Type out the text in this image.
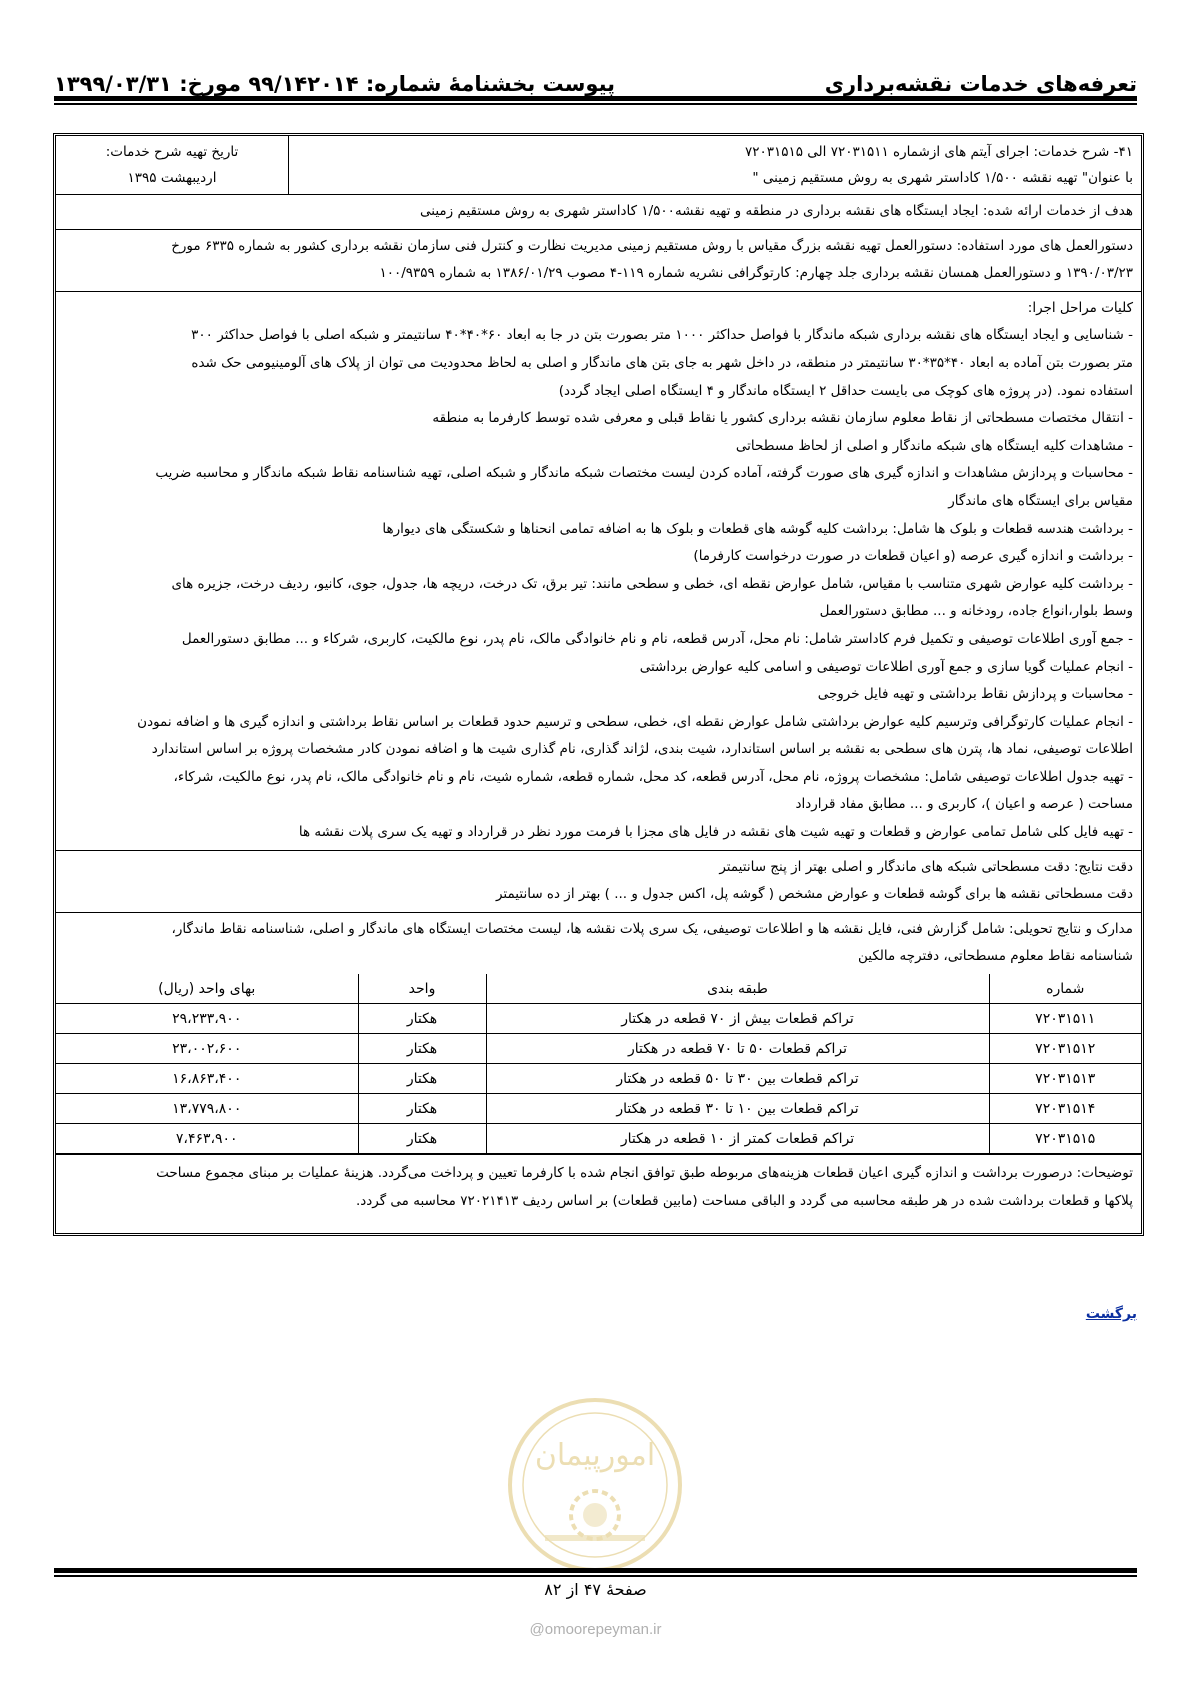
تعرفه‌های خدمات نقشه‌برداری
پیوست بخشنامهٔ شماره: ۹۹/۱۴۲۰۱۴ مورخ: ۱۳۹۹/۰۳/۳۱

۴۱- شرح خدمات: اجرای آیتم های ازشماره ۷۲۰۳۱۵۱۱ الی ۷۲۰۳۱۵۱۵

با عنوان" تهیه نقشه ۱/۵۰۰ کاداستر شهری به روش مستقیم زمینی "

تاریخ تهیه شرح خدمات:

اردیبهشت ۱۳۹۵

هدف از خدمات ارائه شده: ایجاد ایستگاه های نقشه برداری در منطقه و تهیه نقشه۱/۵۰۰ کاداستر شهری به روش مستقیم زمینی

دستورالعمل های مورد استفاده: دستورالعمل تهیه نقشه بزرگ مقیاس با روش مستقیم زمینی مدیریت نظارت و کنترل فنی سازمان نقشه برداری کشور به شماره ۶۳۳۵ مورخ

۱۳۹۰/۰۳/۲۳ و دستورالعمل همسان نقشه برداری جلد چهارم: کارتوگرافی نشریه شماره ۱۱۹-۴ مصوب ۱۳۸۶/۰۱/۲۹ به شماره ۱۰۰/۹۳۵۹

کلیات مراحل اجرا:

- شناسایی و ایجاد ایستگاه های نقشه برداری شبکه ماندگار با فواصل حداکثر ۱۰۰۰ متر بصورت بتن در جا به ابعاد ۶۰*۴۰*۴۰ سانتیمتر و شبکه اصلی با فواصل حداکثر ۳۰۰

متر بصورت بتن آماده به ابعاد ۴۰*۳۵*۳۰ سانتیمتر در منطقه، در داخل شهر به جای بتن های ماندگار و اصلی به لحاظ محدودیت می توان از پلاک های آلومینیومی حک شده

استفاده نمود. (در پروژه های کوچک می بایست حداقل ۲ ایستگاه ماندگار و ۴ ایستگاه اصلی ایجاد گردد)

- انتقال مختصات مسطحاتی از نقاط معلوم سازمان نقشه برداری کشور یا نقاط قبلی و معرفی شده توسط کارفرما به منطقه

- مشاهدات کلیه ایستگاه های شبکه ماندگار و اصلی از لحاظ مسطحاتی

- محاسبات و پردازش مشاهدات و اندازه گیری های صورت گرفته، آماده کردن لیست مختصات شبکه ماندگار و شبکه اصلی، تهیه شناسنامه نقاط شبکه ماندگار و محاسبه ضریب

مقیاس برای ایستگاه های ماندگار

- برداشت هندسه قطعات و بلوک ها شامل: برداشت کلیه گوشه های قطعات و بلوک ها به اضافه تمامی انحناها و شکستگی های دیوارها

- برداشت و اندازه گیری عرصه (و اعیان قطعات در صورت درخواست کارفرما)

- برداشت کلیه عوارض شهری متناسب با مقیاس، شامل عوارض نقطه ای، خطی و سطحی مانند: تیر برق، تک درخت، دریچه ها، جدول، جوی، کانیو، ردیف درخت، جزیره های

وسط بلوار،انواع جاده، رودخانه و ... مطابق دستورالعمل

- جمع آوری اطلاعات توصیفی و تکمیل فرم کاداستر شامل: نام محل، آدرس قطعه، نام و نام خانوادگی مالک، نام پدر، نوع مالکیت، کاربری، شرکاء و ... مطابق دستورالعمل

- انجام عملیات گویا سازی و جمع آوری اطلاعات توصیفی و اسامی کلیه عوارض برداشتی

- محاسبات و پردازش نقاط برداشتی و تهیه فایل خروجی

- انجام عملیات کارتوگرافی وترسیم کلیه عوارض برداشتی شامل عوارض نقطه ای، خطی، سطحی و ترسیم حدود قطعات بر اساس نقاط برداشتی و اندازه گیری ها و اضافه نمودن

اطلاعات توصیفی، نماد ها، پترن های سطحی به نقشه بر اساس استاندارد، شیت بندی، لژاند گذاری، نام گذاری شیت ها و اضافه نمودن کادر مشخصات پروژه بر اساس استاندارد

- تهیه جدول اطلاعات توصیفی شامل: مشخصات پروژه، نام محل، آدرس قطعه، کد محل، شماره قطعه، شماره شیت، نام و نام خانوادگی مالک، نام پدر، نوع مالکیت، شرکاء،

مساحت ( عرصه و اعیان )، کاربری و ... مطابق مفاد قرارداد

- تهیه فایل کلی شامل تمامی عوارض و قطعات و تهیه شیت های نقشه در فایل های مجزا با فرمت مورد نظر در قرارداد و تهیه یک سری پلات نقشه ها

دقت نتایج: دقت مسطحاتی شبکه های ماندگار و اصلی بهتر از پنج سانتیمتر

دقت مسطحاتی نقشه ها برای گوشه قطعات و عوارض مشخص ( گوشه پل، اکس جدول و ... ) بهتر از ده سانتیمتر

مدارک و نتایج تحویلی: شامل گزارش فنی، فایل نقشه ها و اطلاعات توصیفی، یک سری پلات نقشه ها، لیست مختصات ایستگاه های ماندگار و اصلی، شناسنامه نقاط ماندگار،

شناسنامه نقاط معلوم مسطحاتی، دفترچه مالکین

شماره	طبقه بندی	واحد	بهای واحد (ریال)
۷۲۰۳۱۵۱۱	تراکم قطعات بیش از ۷۰ قطعه در هکتار	هکتار	۲۹،۲۳۳،۹۰۰
۷۲۰۳۱۵۱۲	تراکم قطعات ۵۰ تا ۷۰ قطعه در هکتار	هکتار	۲۳،۰۰۲،۶۰۰
۷۲۰۳۱۵۱۳	تراکم قطعات بین ۳۰ تا ۵۰ قطعه در هکتار	هکتار	۱۶،۸۶۳،۴۰۰
۷۲۰۳۱۵۱۴	تراکم قطعات بین ۱۰ تا ۳۰ قطعه در هکتار	هکتار	۱۳،۷۷۹،۸۰۰
۷۲۰۳۱۵۱۵	تراکم قطعات کمتر از ۱۰ قطعه در هکتار	هکتار	۷،۴۶۳،۹۰۰

توضیحات: درصورت برداشت و اندازه گیری اعیان قطعات هزینه‌های مربوطه طبق توافق انجام شده با کارفرما تعیین و پرداخت می‌گردد. هزینهٔ عملیات بر مبنای مجموع مساحت

پلاکها و قطعات برداشت شده در هر طبقه محاسبه می گردد و الباقی مساحت (مابین قطعات) بر اساس ردیف ۷۲۰۲۱۴۱۳ محاسبه می گردد.

برگشت
امورپیمان
صفحهٔ ۴۷ از ۸۲
@omoorepeyman.ir
